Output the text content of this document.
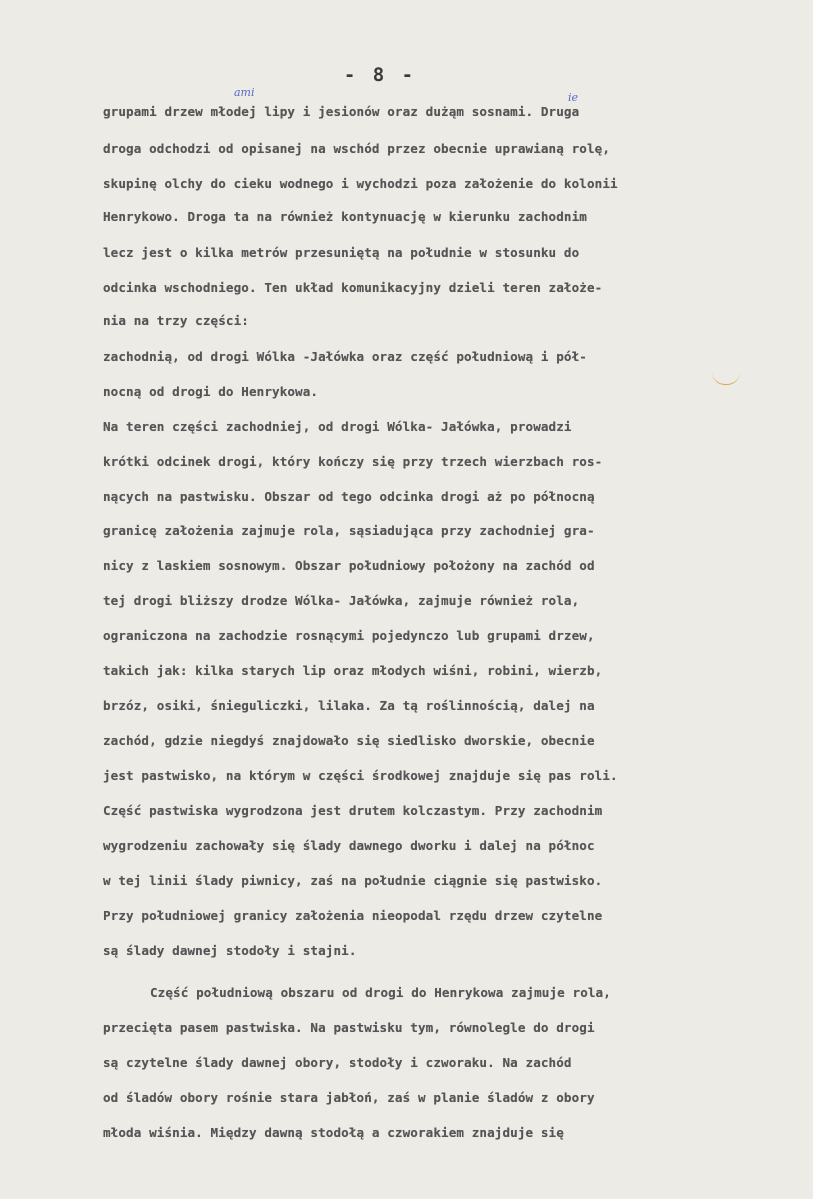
- 8 -
ami	ie
grupami drzew młodej lipy i jesionów oraz dużąm sosnami. Druga
droga odchodzi od opisanej na wschód przez obecnie uprawianą rolę,
skupinę olchy do cieku wodnego i wychodzi poza założenie do kolonii
Henrykowo. Droga ta na również kontynuację w kierunku zachodnim
lecz jest o kilka metrów przesuniętą na południe w stosunku do
odcinka wschodniego. Ten układ komunikacyjny dzieli teren założe-
nia na trzy części:
zachodnią, od drogi Wólka -Jałówka oraz część południową i pół-
nocną od drogi do Henrykowa.
Na teren części zachodniej, od drogi Wólka- Jałówka, prowadzi
krótki odcinek drogi, który kończy się przy trzech wierzbach ros-
nących na pastwisku. Obszar od tego odcinka drogi aż po północną
granicę założenia zajmuje rola, sąsiadująca przy zachodniej gra-
nicy z laskiem sosnowym. Obszar południowy położony na zachód od
tej drogi bliższy drodze Wólka- Jałówka, zajmuje również rola,
ograniczona na zachodzie rosnącymi pojedynczo lub grupami drzew,
takich jak: kilka starych lip oraz młodych wiśni, robini, wierzb,
brzóz, osiki, śnieguliczki, lilaka. Za tą roślinnością, dalej na
zachód, gdzie niegdyś znajdowało się siedlisko dworskie, obecnie
jest pastwisko, na którym w części środkowej znajduje się pas roli.
Część pastwiska wygrodzona jest drutem kolczastym. Przy zachodnim
wygrodzeniu zachowały się ślady dawnego dworku i dalej na północ
w tej linii ślady piwnicy, zaś na południe ciągnie się pastwisko.
Przy południowej granicy założenia nieopodal rzędu drzew czytelne
są ślady dawnej stodoły i stajni.
Część południową obszaru od drogi do Henrykowa zajmuje rola,
przecięta pasem pastwiska. Na pastwisku tym, równolegle do drogi
są czytelne ślady dawnej obory, stodoły i czworaku. Na zachód
od śladów obory rośnie stara jabłoń, zaś w planie śladów z obory
młoda wiśnia. Między dawną stodołą a czworakiem znajduje się
